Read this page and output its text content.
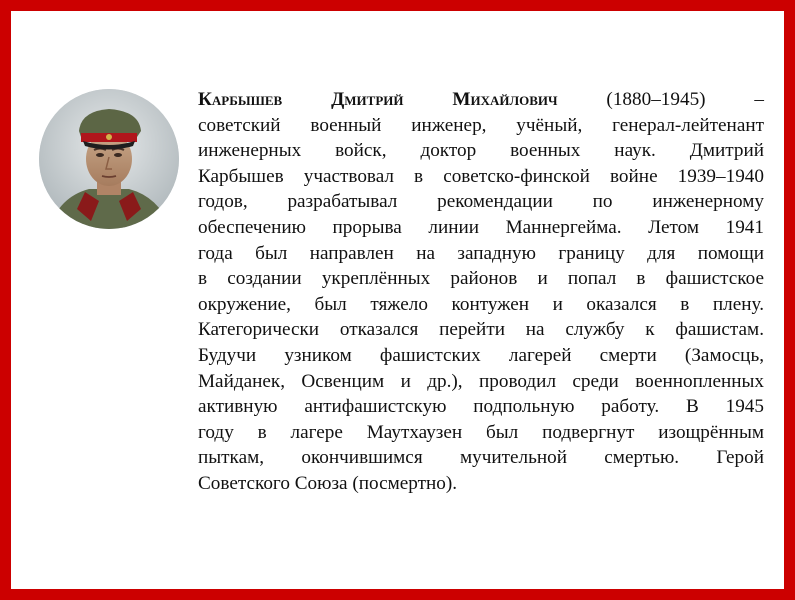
Карбышев Дмитрий Михайлович (1880–1945) –
советский военный инженер, учёный, генерал-лейтенант
инженерных войск, доктор военных наук. Дмитрий
Карбышев участвовал в советско-финской войне 1939–1940
годов, разрабатывал рекомендации по инженерному
обеспечению прорыва линии Маннергейма. Летом 1941
года был направлен на западную границу для помощи
в создании укреплённых районов и попал в фашистское
окружение, был тяжело контужен и оказался в плену.
Категорически отказался перейти на службу к фашистам.
Будучи узником фашистских лагерей смерти (Замосць,
Майданек, Освенцим и др.), проводил среди военнопленных
активную антифашистскую подпольную работу. В 1945
году в лагере Маутхаузен был подвергнут изощрённым
пыткам, окончившимся мучительной смертью. Герой
Советского Союза (посмертно).
